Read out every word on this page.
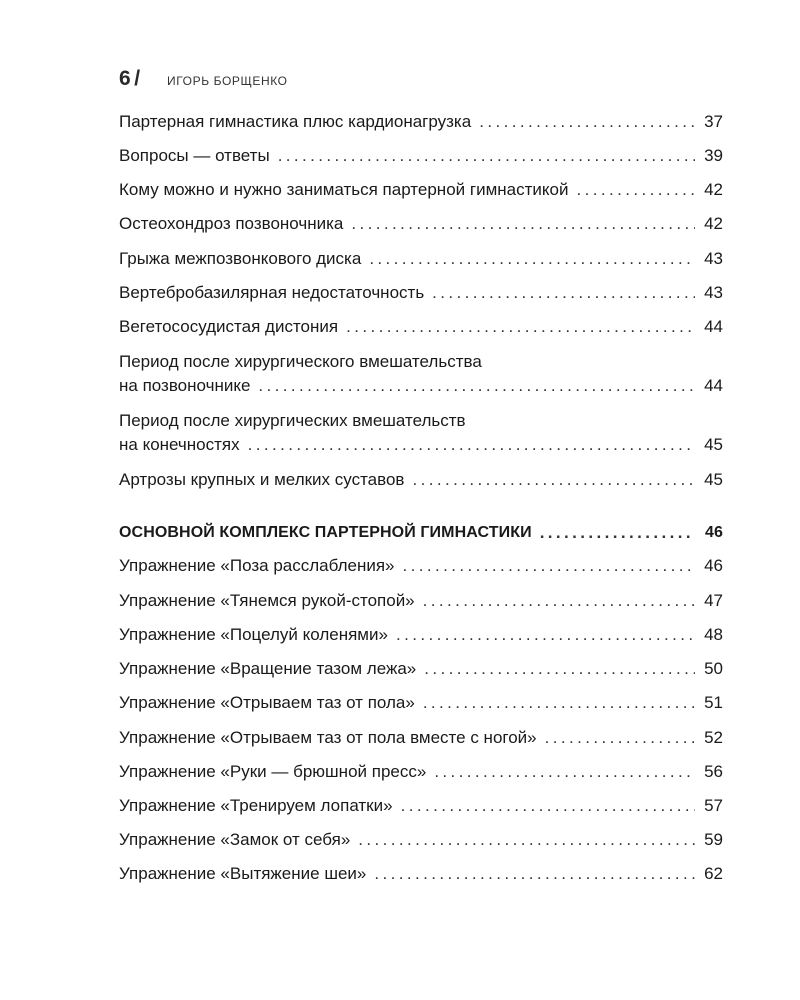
6 / ИГОРЬ БОРЩЕНКО
Партерная гимнастика плюс кардионагрузка .....	37
Вопросы — ответы .....	39
Кому можно и нужно заниматься партерной гимнастикой .....	42
Остеохондроз позвоночника .....	42
Грыжа межпозвонкового диска .....	43
Вертебробазилярная недостаточность .....	43
Вегетососудистая дистония .....	44
Период после хирургического вмешательства
на позвоночнике .....	44
Период после хирургических вмешательств
на конечностях .....	45
Артрозы крупных и мелких суставов .....	45
ОСНОВНОЙ КОМПЛЕКС ПАРТЕРНОЙ ГИМНАСТИКИ .....	46
Упражнение «Поза расслабления» .....	46
Упражнение «Тянемся рукой-стопой» .....	47
Упражнение «Поцелуй коленями» .....	48
Упражнение «Вращение тазом лежа» .....	50
Упражнение «Отрываем таз от пола» .....	51
Упражнение «Отрываем таз от пола вместе с ногой» .....	52
Упражнение «Руки — брюшной пресс» .....	56
Упражнение «Тренируем лопатки» .....	57
Упражнение «Замок от себя» .....	59
Упражнение «Вытяжение шеи» .....	62
